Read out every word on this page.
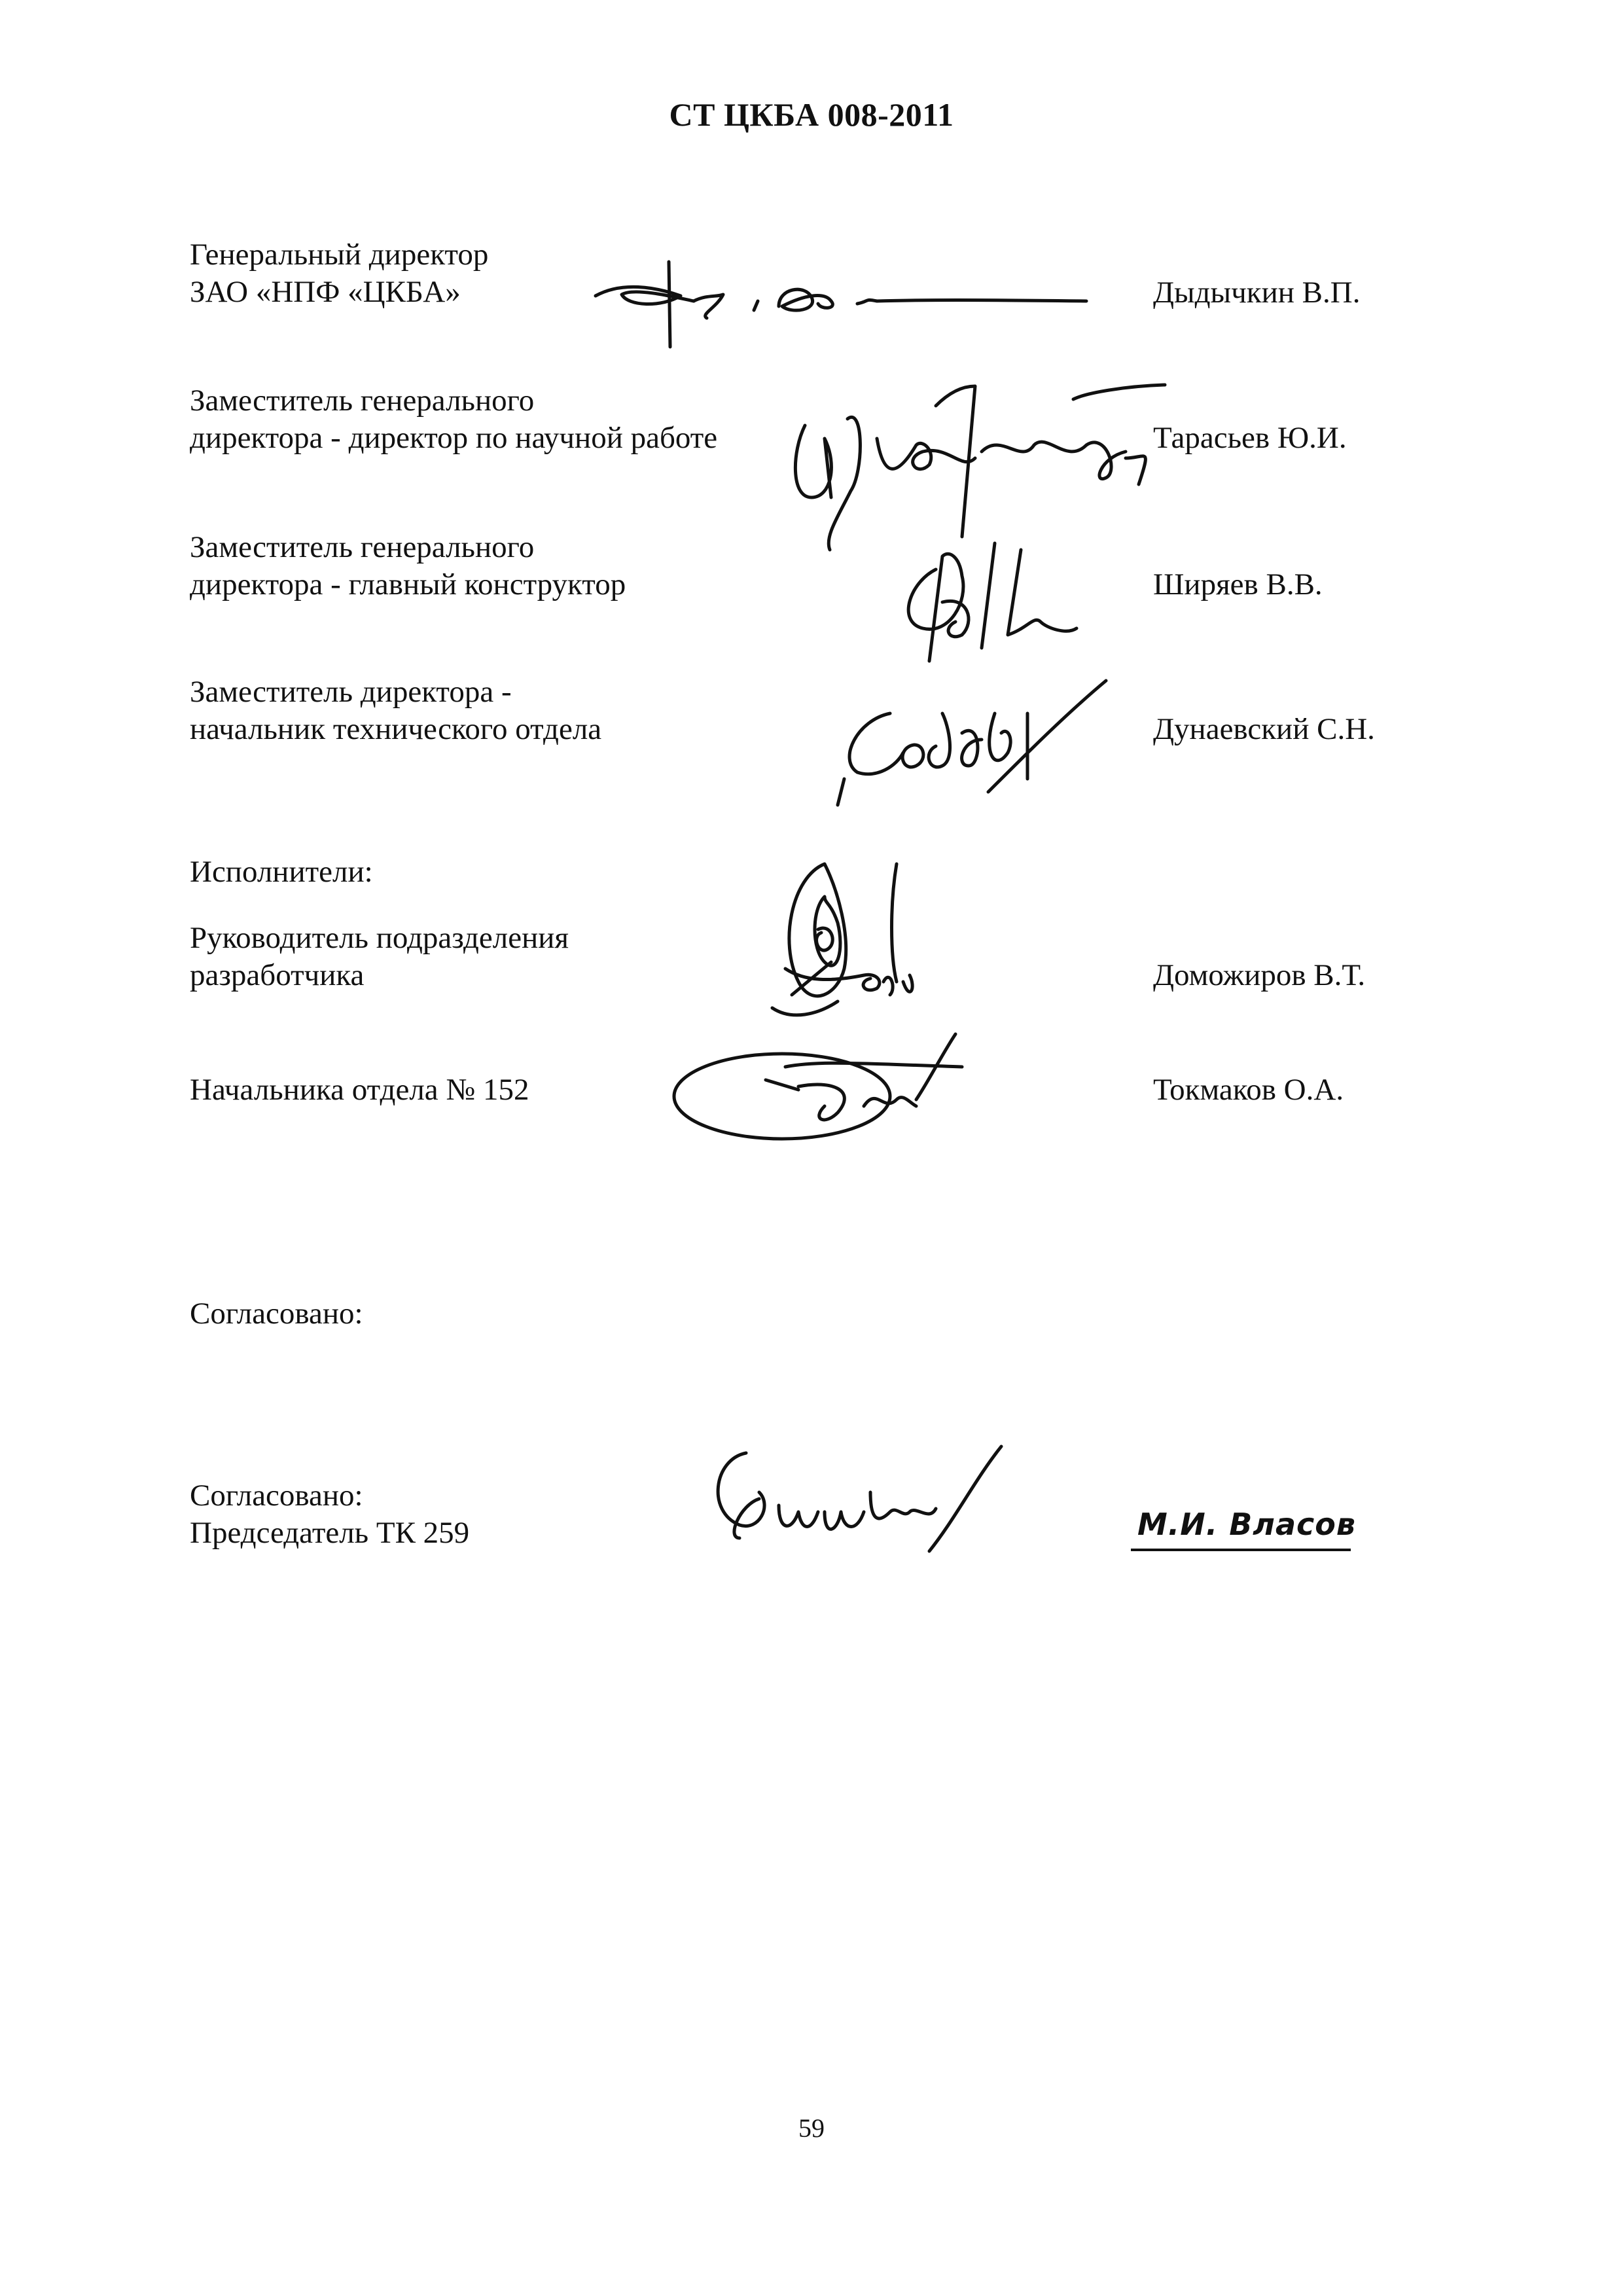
СТ ЦКБА 008-2011
Генеральный директор
ЗАО «НПФ «ЦКБА»	Дыдычкин В.П.
Заместитель генерального
директора - директор по научной работе	Тарасьев Ю.И.
Заместитель генерального
директора - главный конструктор	Ширяев В.В.
Заместитель директора -
начальник технического отдела	Дунаевский С.Н.
Исполнители:
Руководитель подразделения
разработчика	Доможиров В.Т.
Начальника отдела № 152	Токмаков О.А.
Согласовано:
Согласовано:
Председатель ТК 259	М.И. Власов
59
